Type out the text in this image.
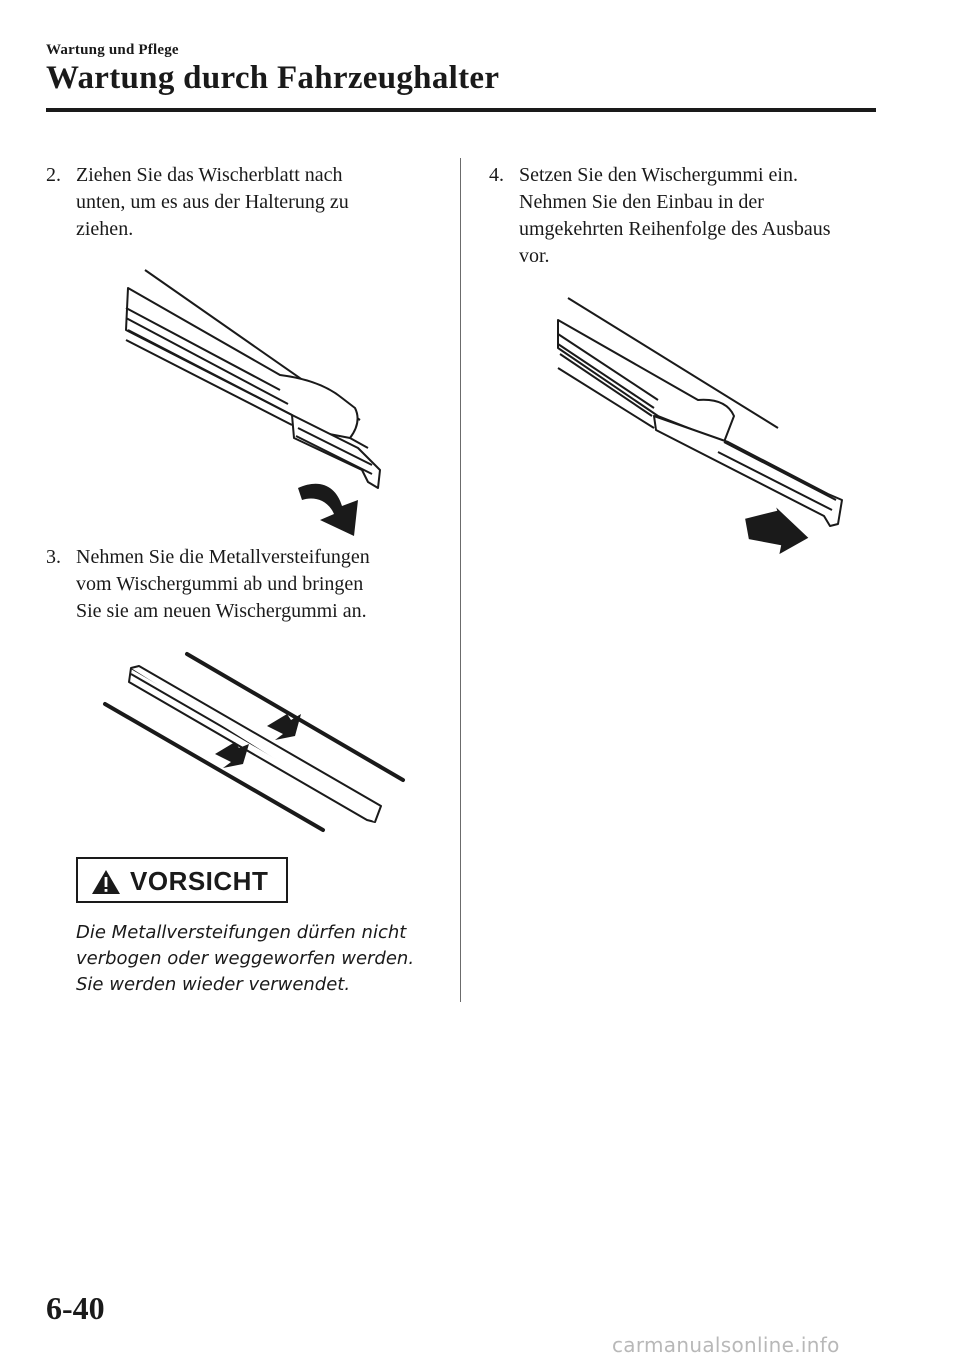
Wartung und Pflege
Wartung durch Fahrzeughalter
2. Ziehen Sie das Wischerblatt nach
unten, um es aus der Halterung zu
ziehen.
3. Nehmen Sie die Metallversteifungen
vom Wischergummi ab und bringen
Sie sie am neuen Wischergummi an.
VORSICHT
Die Metallversteifungen dürfen nicht
verbogen oder weggeworfen werden.
Sie werden wieder verwendet.
4. Setzen Sie den Wischergummi ein.
Nehmen Sie den Einbau in der
umgekehrten Reihenfolge des Ausbaus
vor.
6-40
carmanualsonline.info
